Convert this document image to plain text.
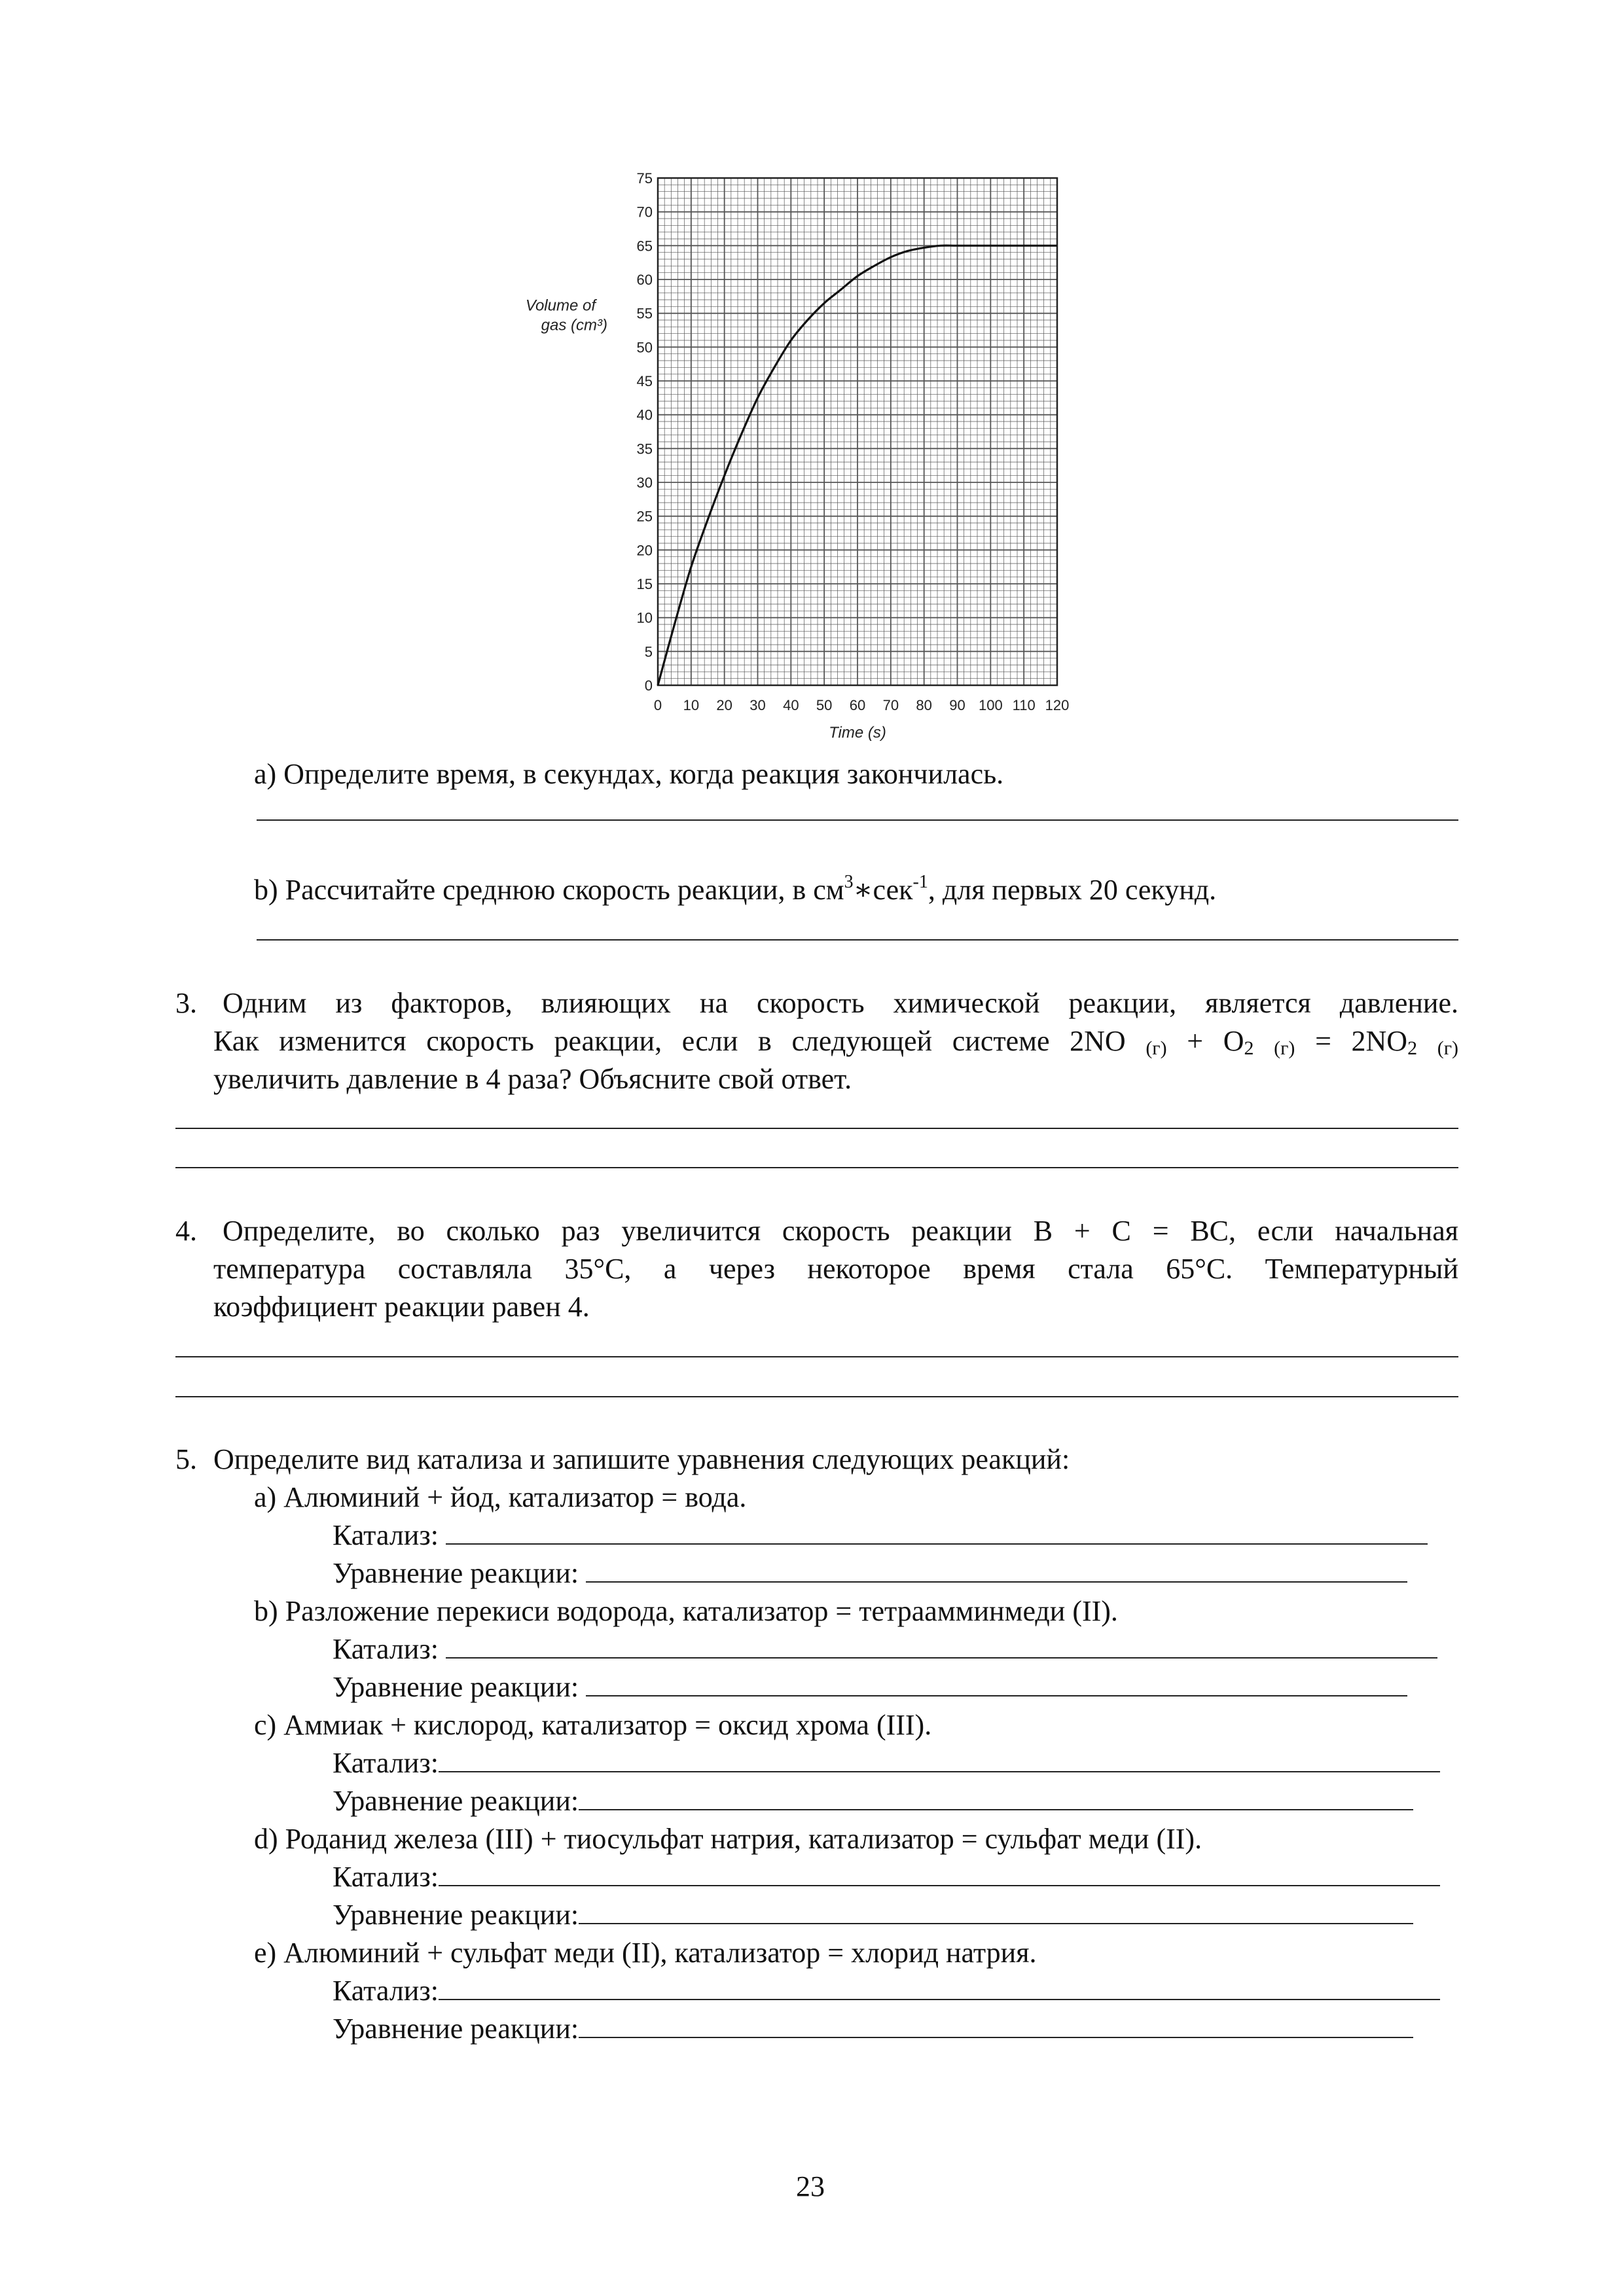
0 10 20 30 40 50 60 70 80 90 100 110 120
0
5
10
15
20
25
30
35
40
45
50
55
60
65
70
75
Time (s)
Volume of
gas (cm³)
a) Определите время, в секундах, когда реакция закончилась.
b) Рассчитайте среднюю скорость реакции, в $см^3∗сек^{-1}$, для первых 20 секунд.
3. Одним из факторов, влияющих на скорость химической реакции, является давление.
Как изменится скорость реакции, если в следующей системе 2NO $_{(г)} + O_2$ $_{(г)} = 2NO_2$ $_{(г)}$
увеличить давление в 4 раза? Объясните свой ответ.
4. Определите, во сколько раз увеличится скорость реакции B + C = BC, если начальная
температура составляла 35°С, а через некоторое время стала 65°С. Температурный
коэффициент реакции равен 4.
5. Определите вид катализа и запишите уравнения следующих реакций:
a) Алюминий + йод, катализатор = вода.
Катализ:
Уравнение реакции:
b) Разложение перекиси водорода, катализатор = тетраамминмеди (II).
Катализ:
Уравнение реакции:
c) Аммиак + кислород, катализатор = оксид хрома (III).
Катализ:
Уравнение реакции:
d) Роданид железа (III) + тиосульфат натрия, катализатор = сульфат меди (II).
Катализ:
Уравнение реакции:
e) Алюминий + сульфат меди (II), катализатор = хлорид натрия.
Катализ:
Уравнение реакции:
23
